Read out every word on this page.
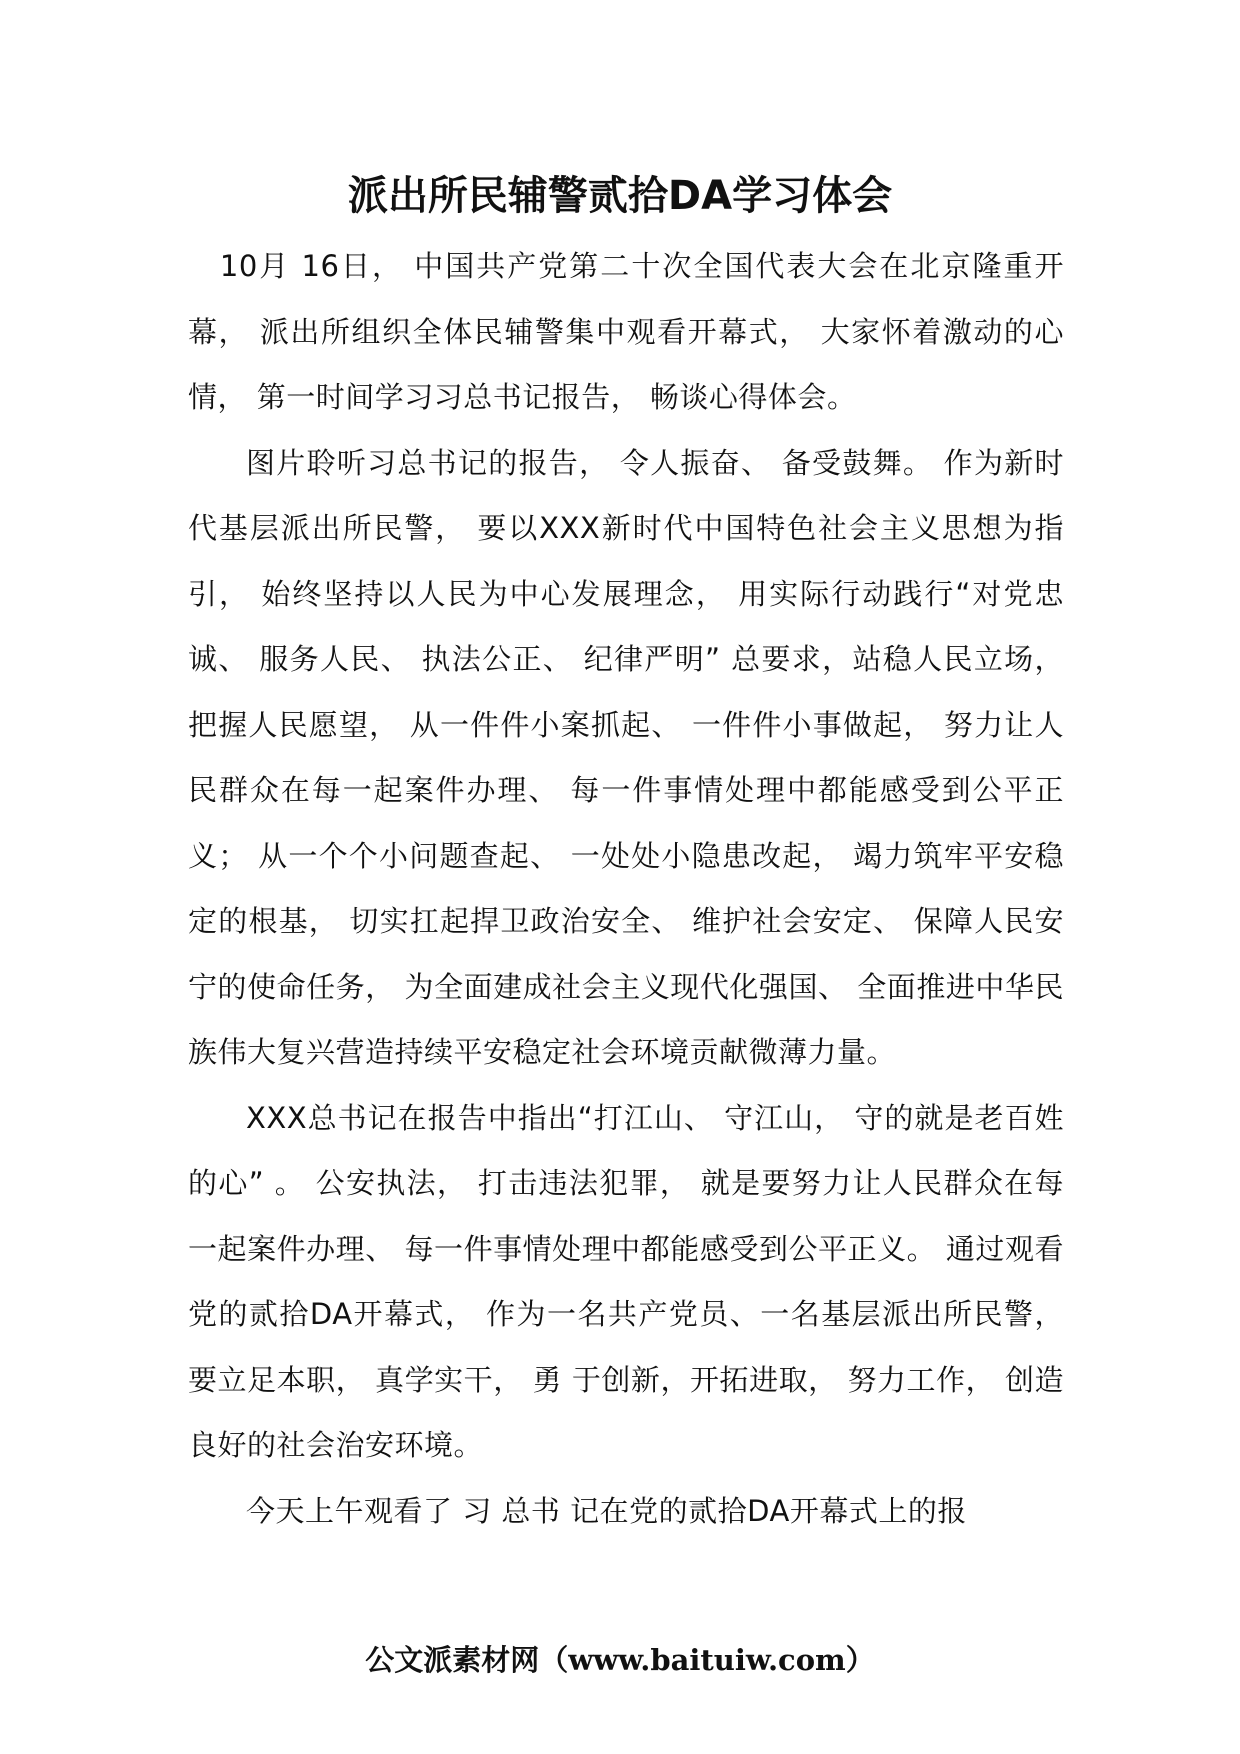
派出所民辅警贰拾DA学习体会

10月 16日， 中国共产党第二十次全国代表大会在北京隆重开幕， 派出所组织全体民辅警集中观看开幕式， 大家怀着激动的心情， 第一时间学习习总书记报告， 畅谈心得体会。

图片聆听习总书记的报告， 令人振奋、 备受鼓舞。 作为新时代基层派出所民警， 要以XXX新时代中国特色社会主义思想为指引， 始终坚持以人民为中心发展理念， 用实际行动践行“对党忠诚、 服务人民、 执法公正、 纪律严明” 总要求，站稳人民立场， 把握人民愿望， 从一件件小案抓起、 一件件小事做起， 努力让人民群众在每一起案件办理、 每一件事情处理中都能感受到公平正义； 从一个个小问题查起、 一处处小隐患改起， 竭力筑牢平安稳定的根基， 切实扛起捍卫政治安全、 维护社会安定、 保障人民安宁的使命任务， 为全面建成社会主义现代化强国、 全面推进中华民族伟大复兴营造持续平安稳定社会环境贡献微薄力量。

XXX总书记在报告中指出“打江山、 守江山， 守的就是老百姓的心” 。 公安执法， 打击违法犯罪， 就是要努力让人民群众在每一起案件办理、 每一件事情处理中都能感受到公平正义。 通过观看党的贰拾DA开幕式， 作为一名共产党员、一名基层派出所民警， 要立足本职， 真学实干， 勇 于创新，开拓进取， 努力工作， 创造良好的社会治安环境。

今天上午观看了 习 总书 记在党的贰拾DA开幕式上的报

公文派素材网（www.baituiw.com）
